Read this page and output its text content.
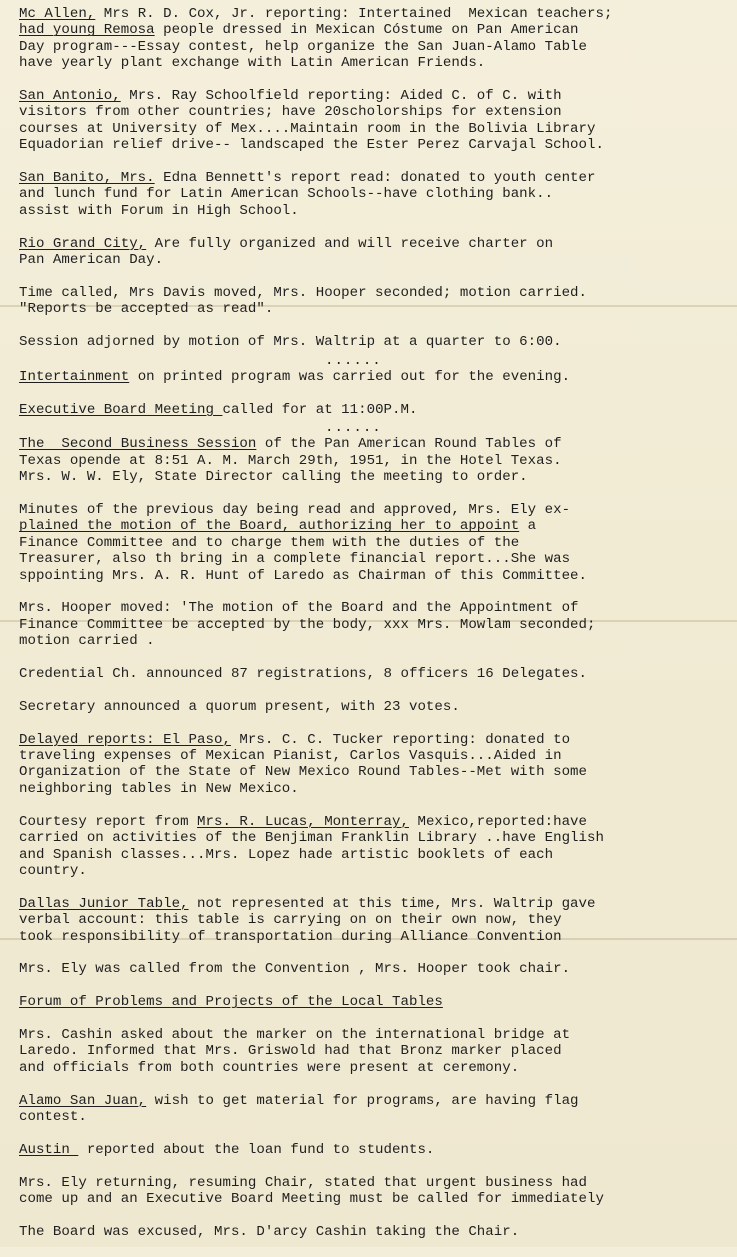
Mc Allen, Mrs R. D. Cox, Jr. reporting: Intertained  Mexican teachers;
had young Remosa people dressed in Mexican Cóstume on Pan American
Day program---Essay contest, help organize the San Juan-Alamo Table
have yearly plant exchange with Latin American Friends.
San Antonio, Mrs. Ray Schoolfield reporting: Aided C. of C. with
visitors from other countries; have 20scholorships for extension
courses at University of Mex....Maintain room in the Bolivia Library
Equadorian relief drive-- landscaped the Ester Perez Carvajal School.
San Banito, Mrs. Edna Bennett's report read: donated to youth center
and lunch fund for Latin American Schools--have clothing bank..
assist with Forum in High School.
Rio Grand City, Are fully organized and will receive charter on
Pan American Day.
Time called, Mrs Davis moved, Mrs. Hooper seconded; motion carried.
"Reports be accepted as read".
Session adjorned by motion of Mrs. Waltrip at a quarter to 6:00.
......
Intertainment on printed program was carried out for the evening.
Executive Board Meeting called for at 11:00P.M.
......
The  Second Business Session of the Pan American Round Tables of
Texas opende at 8:51 A. M. March 29th, 1951, in the Hotel Texas.
Mrs. W. W. Ely, State Director calling the meeting to order.
Minutes of the previous day being read and approved, Mrs. Ely ex-
plained the motion of the Board, authorizing her to appoint a
Finance Committee and to charge them with the duties of the
Treasurer, also th bring in a complete financial report...She was
sppointing Mrs. A. R. Hunt of Laredo as Chairman of this Committee.
Mrs. Hooper moved: 'The motion of the Board and the Appointment of
Finance Committee be accepted by the body, xxx Mrs. Mowlam seconded;
motion carried .
Credential Ch. announced 87 registrations, 8 officers 16 Delegates.
Secretary announced a quorum present, with 23 votes.
Delayed reports: El Paso, Mrs. C. C. Tucker reporting: donated to
traveling expenses of Mexican Pianist, Carlos Vasquis...Aided in
Organization of the State of New Mexico Round Tables--Met with some
neighboring tables in New Mexico.
Courtesy report from Mrs. R. Lucas, Monterray, Mexico,reported:have
carried on activities of the Benjiman Franklin Library ..have English
and Spanish classes...Mrs. Lopez hade artistic booklets of each
country.
Dallas Junior Table, not represented at this time, Mrs. Waltrip gave
verbal account: this table is carrying on on their own now, they
took responsibility of transportation during Alliance Convention
Mrs. Ely was called from the Convention , Mrs. Hooper took chair.
Forum of Problems and Projects of the Local Tables
Mrs. Cashin asked about the marker on the international bridge at
Laredo. Informed that Mrs. Griswold had that Bronz marker placed
and officials from both countries were present at ceremony.
Alamo San Juan, wish to get material for programs, are having flag
contest.
Austin  reported about the loan fund to students.
Mrs. Ely returning, resuming Chair, stated that urgent business had
come up and an Executive Board Meeting must be called for immediately
The Board was excused, Mrs. D'arcy Cashin taking the Chair.
